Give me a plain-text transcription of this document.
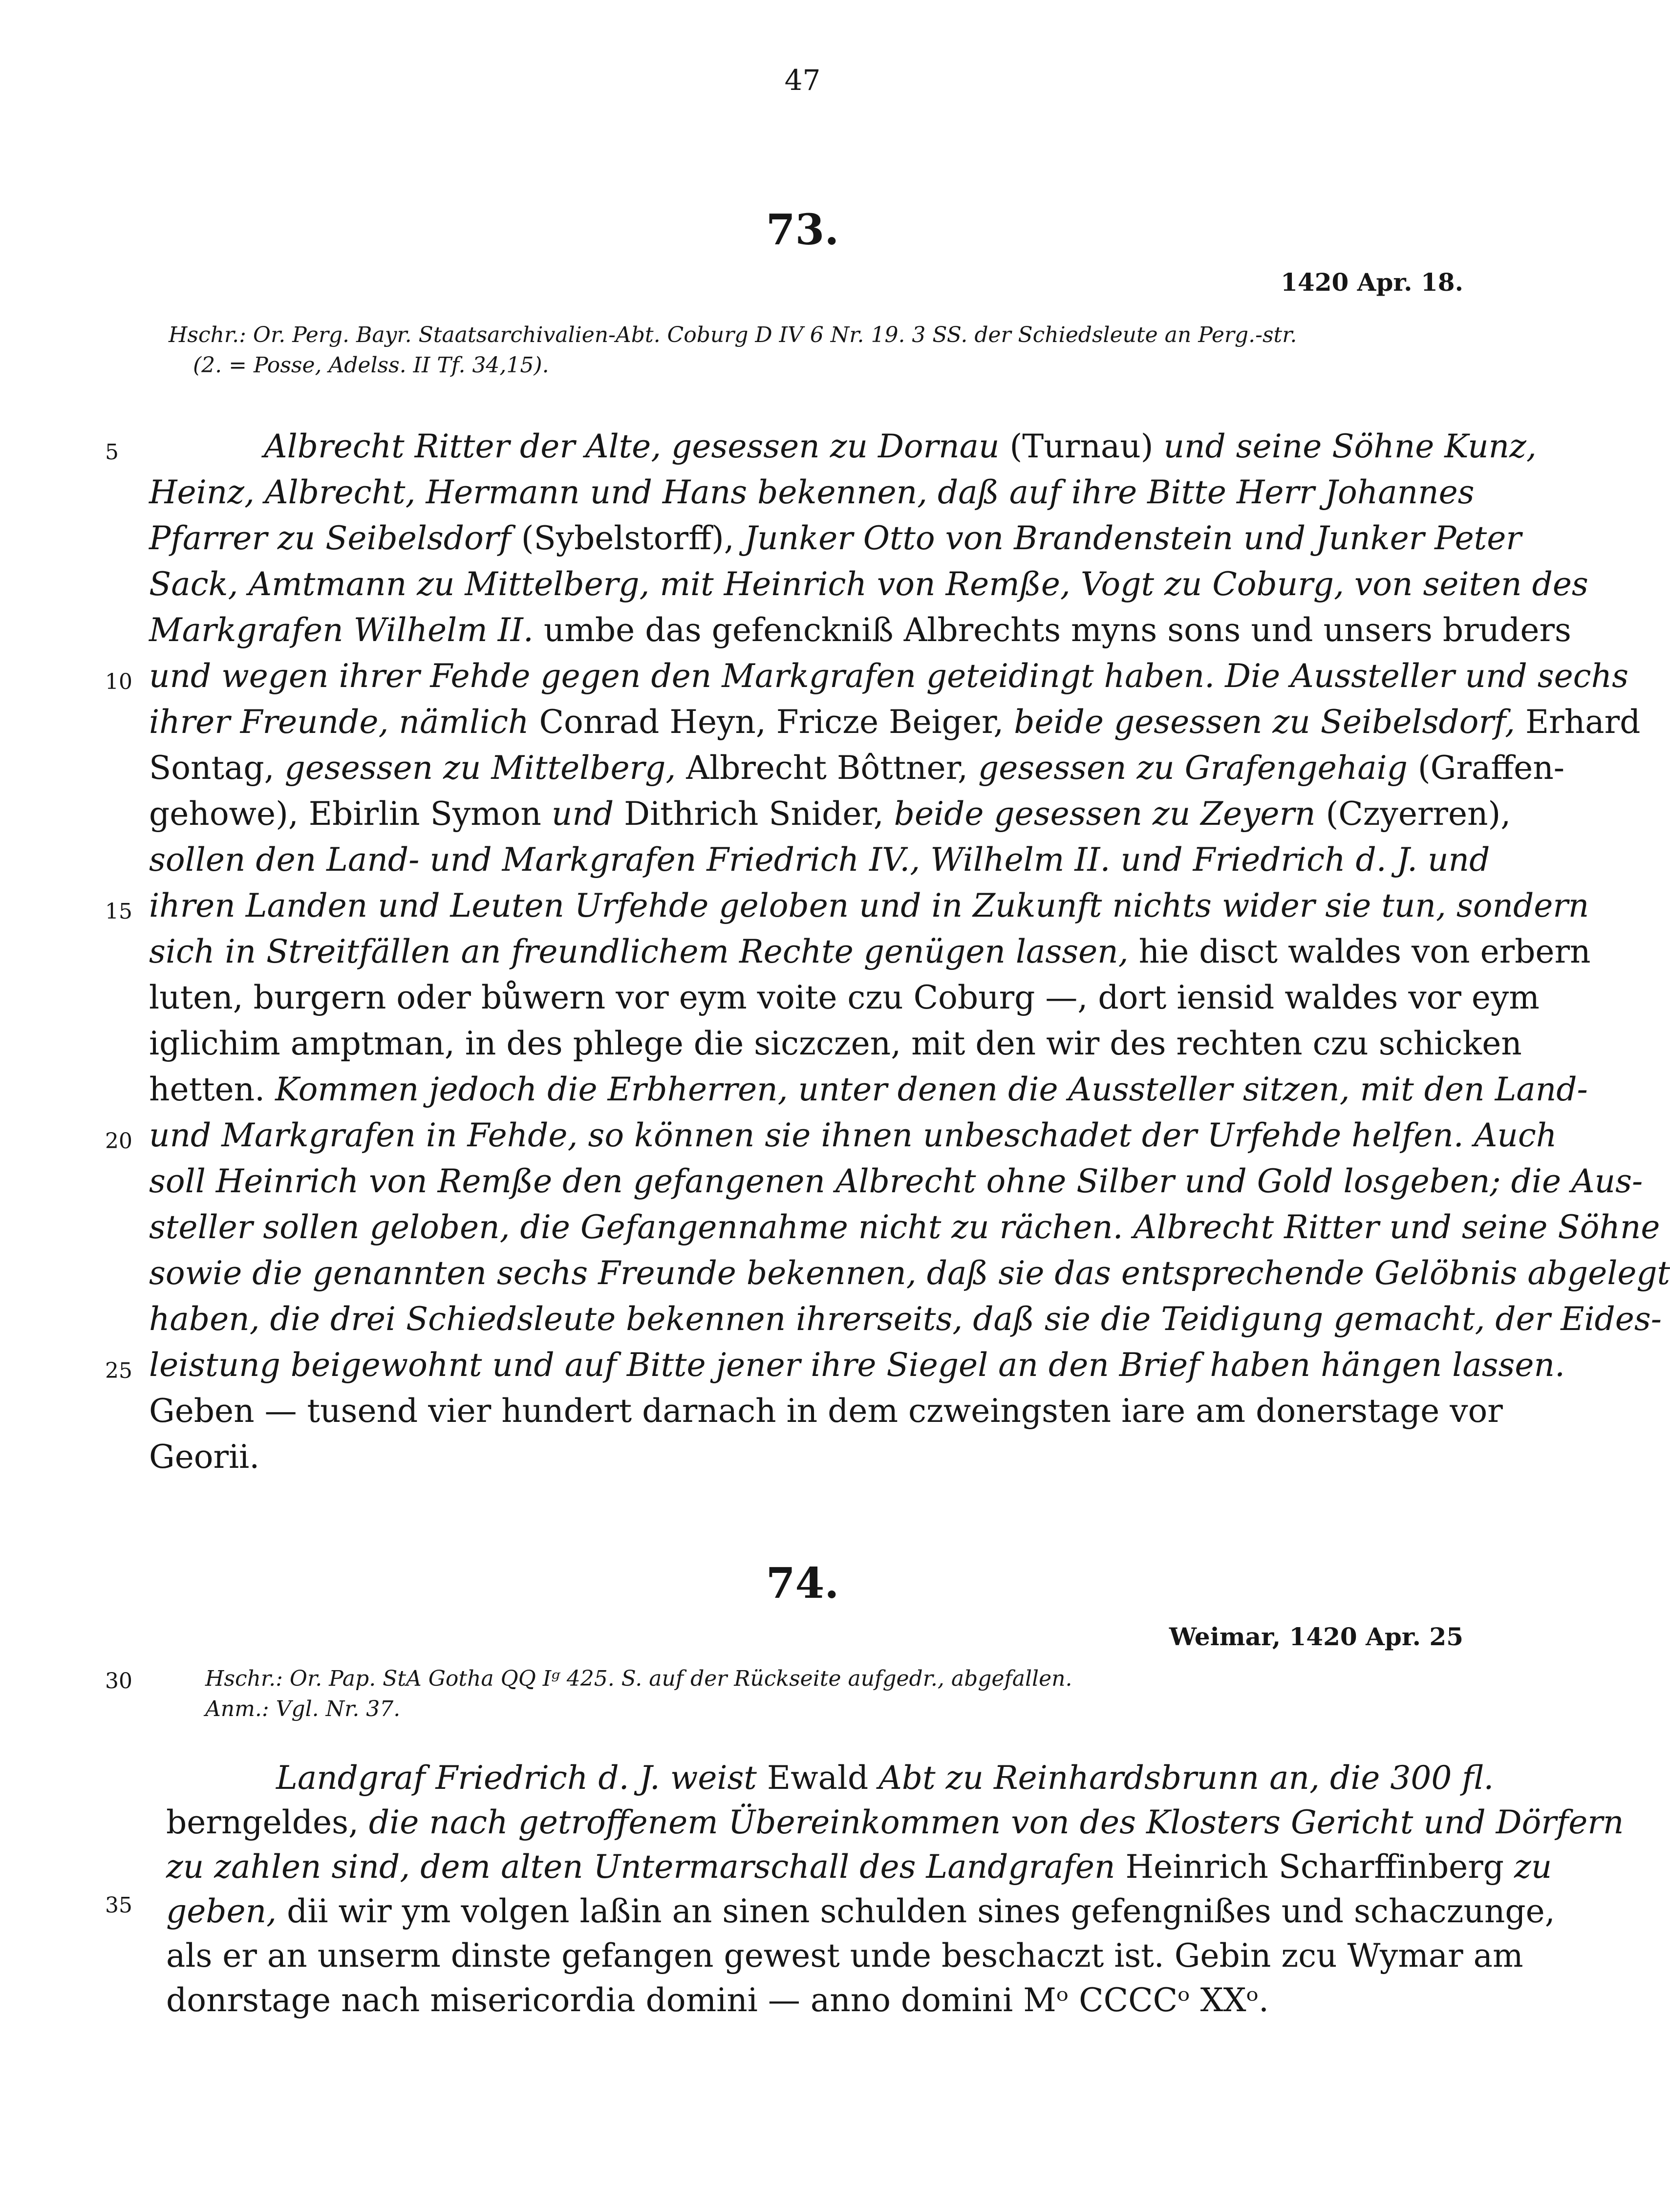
47
73.
1420 Apr. 18.
Hschr.: Or. Perg. Bayr. Staatsarchivalien-Abt. Coburg D IV 6 Nr. 19. 3 SS. der Schiedsleute an Perg.-str.
(2. = Posse, Adelss. II Tf. 34,15).
5
10
15
20
25
Albrecht Ritter der Alte, gesessen zu Dornau (Turnau) und seine Söhne Kunz,
Heinz, Albrecht, Hermann und Hans bekennen, daß auf ihre Bitte Herr Johannes
Pfarrer zu Seibelsdorf (Sybelstorff), Junker Otto von Brandenstein und Junker Peter
Sack, Amtmann zu Mittelberg, mit Heinrich von Remße, Vogt zu Coburg, von seiten des
Markgrafen Wilhelm II. umbe das gefencknіß Albrechts myns sons und unsers bruders
und wegen ihrer Fehde gegen den Markgrafen geteidingt haben. Die Aussteller und sechs
ihrer Freunde, nämlich Conrad Heyn, Fricze Beiger, beide gesessen zu Seibelsdorf, Erhard
Sontag, gesessen zu Mittelberg, Albrecht Bôttner, gesessen zu Grafengehaig (Graffen-
gehowe), Ebirlin Symon und Dithrich Snider, beide gesessen zu Zeyern (Czyerren),
sollen den Land- und Markgrafen Friedrich IV., Wilhelm II. und Friedrich d. J. und
ihren Landen und Leuten Urfehde geloben und in Zukunft nichts wider sie tun, sondern
sich in Streitfällen an freundlichem Rechte genügen lassen, hie disct waldes von erbern
luten, burgern oder bůwern vor eym voite czu Coburg —, dort iensid waldes vor eym
iglichim amptman, in des phlege die siczczen, mit den wir des rechten czu schicken
hetten. Kommen jedoch die Erbherren, unter denen die Aussteller sitzen, mit den Land-
und Markgrafen in Fehde, so können sie ihnen unbeschadet der Urfehde helfen. Auch
soll Heinrich von Remße den gefangenen Albrecht ohne Silber und Gold losgeben; die Aus-
steller sollen geloben, die Gefangennahme nicht zu rächen. Albrecht Ritter und seine Söhne
sowie die genannten sechs Freunde bekennen, daß sie das entsprechende Gelöbnis abgelegt
haben, die drei Schiedsleute bekennen ihrerseits, daß sie die Teidigung gemacht, der Eides-
leistung beigewohnt und auf Bitte jener ihre Siegel an den Brief haben hängen lassen.
Geben — tusend vier hundert darnach in dem czweingsten iare am donerstage vor
Georii.
74.
Weimar, 1420 Apr. 25
30	Hschr.: Or. Pap. StA Gotha QQ Iᵍ 425. S. auf der Rückseite aufgedr., abgefallen.
Anm.: Vgl. Nr. 37.
35
Landgraf Friedrich d. J. weist Ewald Abt zu Reinhardsbrunn an, die 300 fl.
berngeldes, die nach getroffenem Übereinkommen von des Klosters Gericht und Dörfern
zu zahlen sind, dem alten Untermarschall des Landgrafen Heinrich Scharffinberg zu
geben, dii wir ym volgen laßin an sinen schulden sines gefengnißes und schaczunge,
als er an unserm dinste gefangen gewest unde beschaczt ist. Gebin zcu Wymar am
donrstage nach misericordia domini — anno domini Mᵒ CCCCᵒ XXᵒ.
